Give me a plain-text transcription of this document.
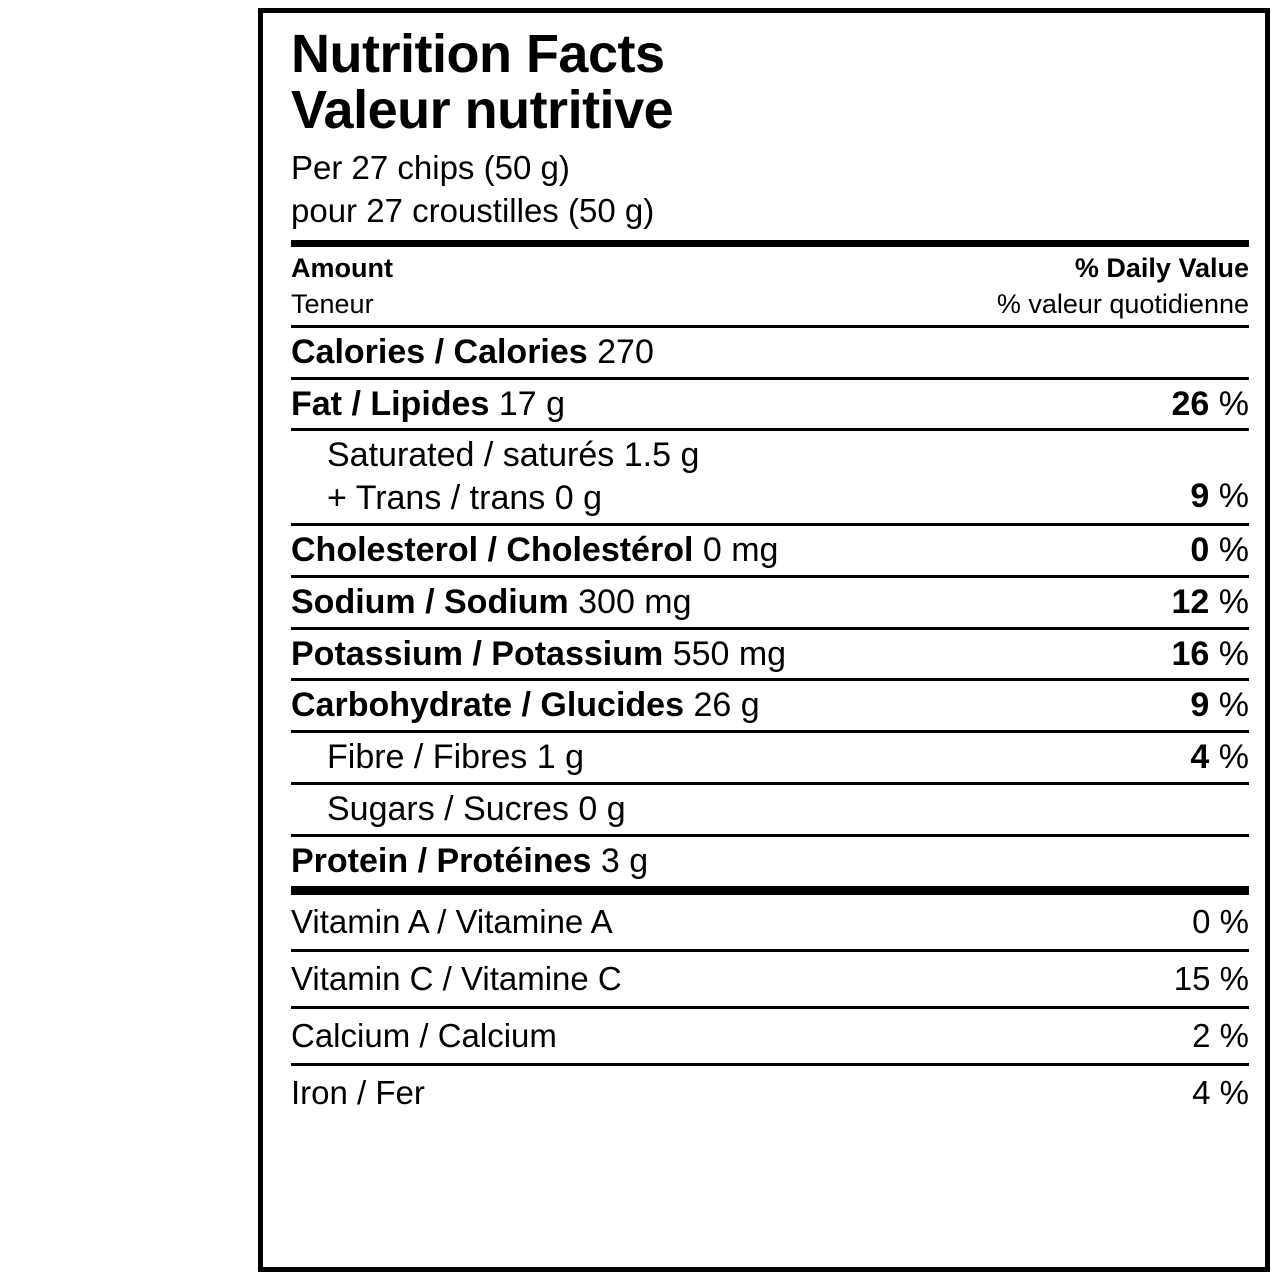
Nutrition Facts
Valeur nutritive
Per 27 chips (50 g)
pour 27 croustilles (50 g)
Amount	% Daily Value
Teneur	% valeur quotidienne
Calories / Calories 270
Fat / Lipides 17 g	26 %
Saturated / saturés 1.5 g
+ Trans / trans 0 g	9 %
Cholesterol / Cholestérol 0 mg	0 %
Sodium / Sodium 300 mg	12 %
Potassium / Potassium 550 mg	16 %
Carbohydrate / Glucides 26 g	9 %
Fibre / Fibres 1 g	4 %
Sugars / Sucres 0 g
Protein / Protéines 3 g
Vitamin A / Vitamine A	0 %
Vitamin C / Vitamine C	15 %
Calcium / Calcium	2 %
Iron / Fer	4 %
